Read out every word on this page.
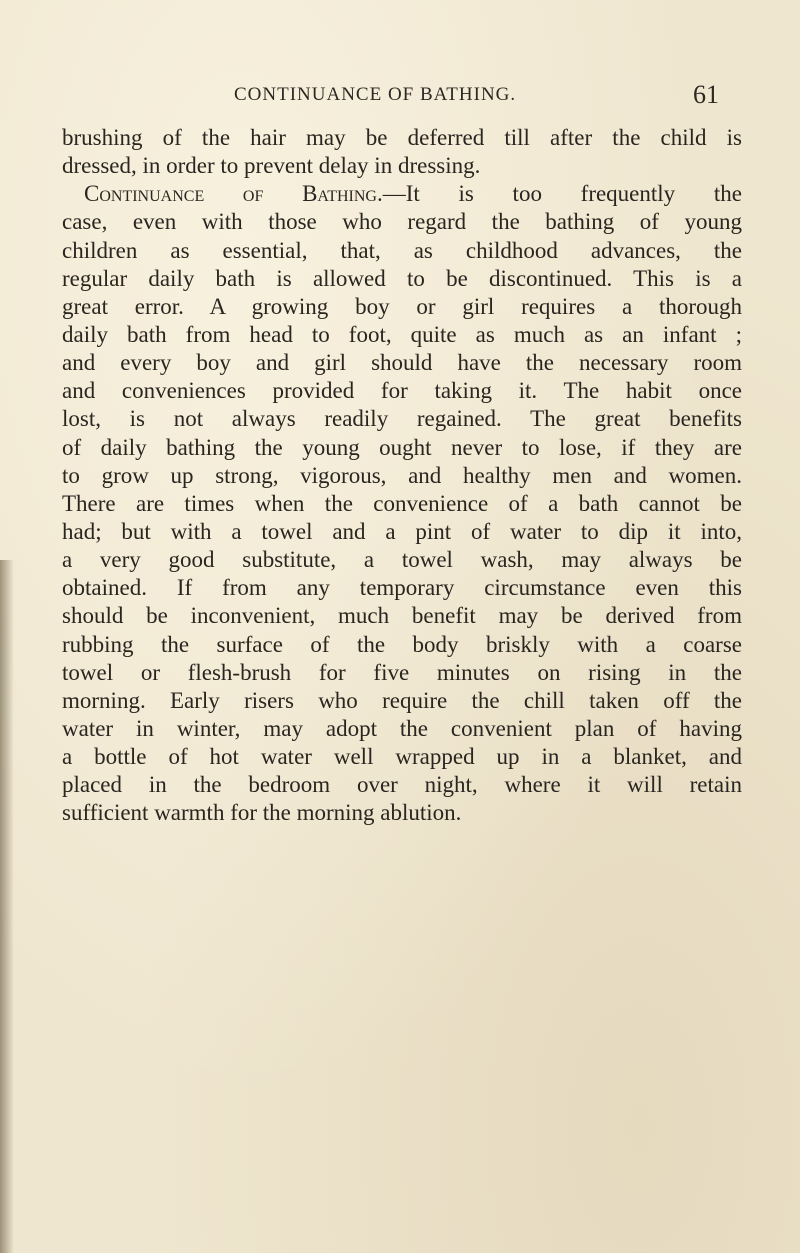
CONTINUANCE OF BATHING.	61
brushing of the hair may be deferred till after the child is
dressed, in order to prevent delay in dressing.
Continuance of Bathing.—It is too frequently the
case, even with those who regard the bathing of young
children as essential, that, as childhood advances, the
regular daily bath is allowed to be discontinued. This is a
great error. A growing boy or girl requires a thorough
daily bath from head to foot, quite as much as an infant ;
and every boy and girl should have the necessary room
and conveniences provided for taking it. The habit once
lost, is not always readily regained. The great benefits
of daily bathing the young ought never to lose, if they are
to grow up strong, vigorous, and healthy men and women.
There are times when the convenience of a bath cannot be
had; but with a towel and a pint of water to dip it into,
a very good substitute, a towel wash, may always be
obtained. If from any temporary circumstance even this
should be inconvenient, much benefit may be derived from
rubbing the surface of the body briskly with a coarse
towel or flesh-brush for five minutes on rising in the
morning. Early risers who require the chill taken off the
water in winter, may adopt the convenient plan of having
a bottle of hot water well wrapped up in a blanket, and
placed in the bedroom over night, where it will retain
sufficient warmth for the morning ablution.
